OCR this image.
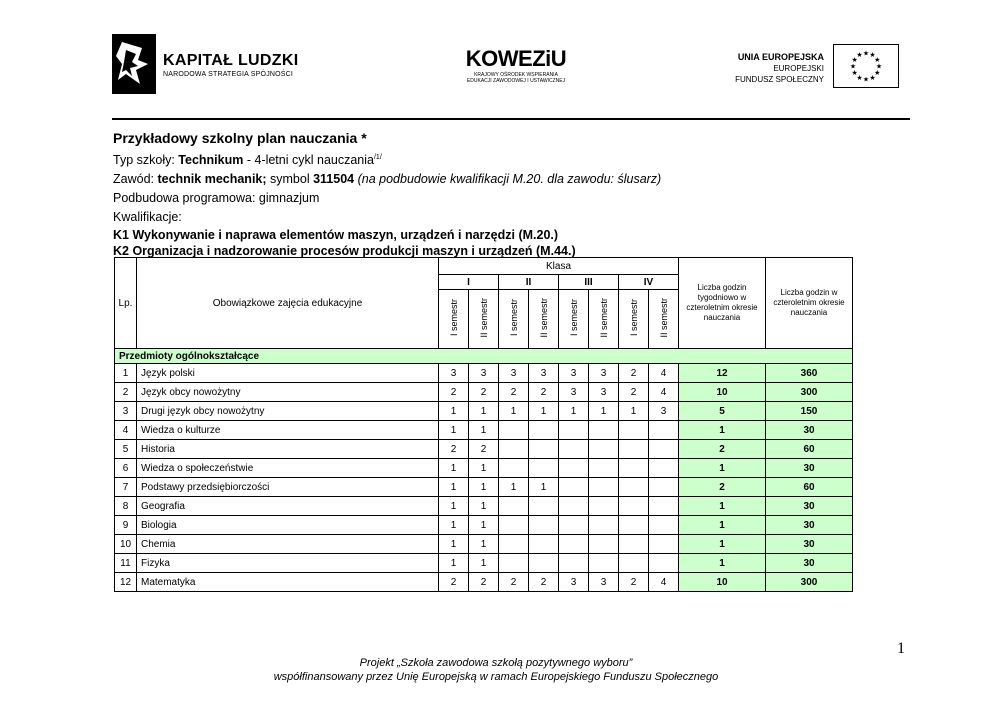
KAPITAŁ LUDZKI
NARODOWA STRATEGIA SPÓJNOŚCI
KOWEZiU
KRAJOWY OŚRODEK WSPIERANIA
EDUKACJI ZAWODOWEJ I USTAWICZNEJ
UNIA EUROPEJSKA
EUROPEJSKI
FUNDUSZ SPOŁECZNY
★ ★
★
★
★
★
★
★
★
★
★
★
Przykładowy szkolny plan nauczania *
Typ szkoły: Technikum - 4-letni cykl nauczania$^{/1/}$
Zawód: technik mechanik; symbol 311504 (na podbudowie kwalifikacji M.20. dla zawodu: ślusarz)
Podbudowa programowa: gimnazjum
Kwalifikacje:
K1 Wykonywanie i naprawa elementów maszyn, urządzeń i narzędzi (M.20.)
K2 Organizacja i nadzorowanie procesów produkcji maszyn i urządzeń (M.44.)
Lp.	Obowiązkowe zajęcia edukacyjne	Klasa								Liczba godzin tygodniowo w czteroletnim okresie nauczania	Liczba godzin w czteroletnim okresie nauczania
		I		II		III		IV			
		I semestr	II semestr	I semestr	II semestr	I semestr	II semestr	I semestr	II semestr		
Przedmioty ogólnokształcące											
1	Język polski	3	3	3	3	3	3	2	4	12	360
2	Język obcy nowożytny	2	2	2	2	3	3	2	4	10	300
3	Drugi język obcy nowożytny	1	1	1	1	1	1	1	3	5	150
4	Wiedza o kulturze	1	1							1	30
5	Historia	2	2							2	60
6	Wiedza o społeczeństwie	1	1							1	30
7	Podstawy przedsiębiorczości	1	1	1	1					2	60
8	Geografia	1	1							1	30
9	Biologia	1	1							1	30
10	Chemia	1	1							1	30
11	Fizyka	1	1							1	30
12	Matematyka	2	2	2	2	3	3	2	4	10	300
1
Projekt „Szkoła zawodowa szkołą pozytywnego wyboru”
współfinansowany przez Unię Europejską w ramach Europejskiego Funduszu Społecznego
